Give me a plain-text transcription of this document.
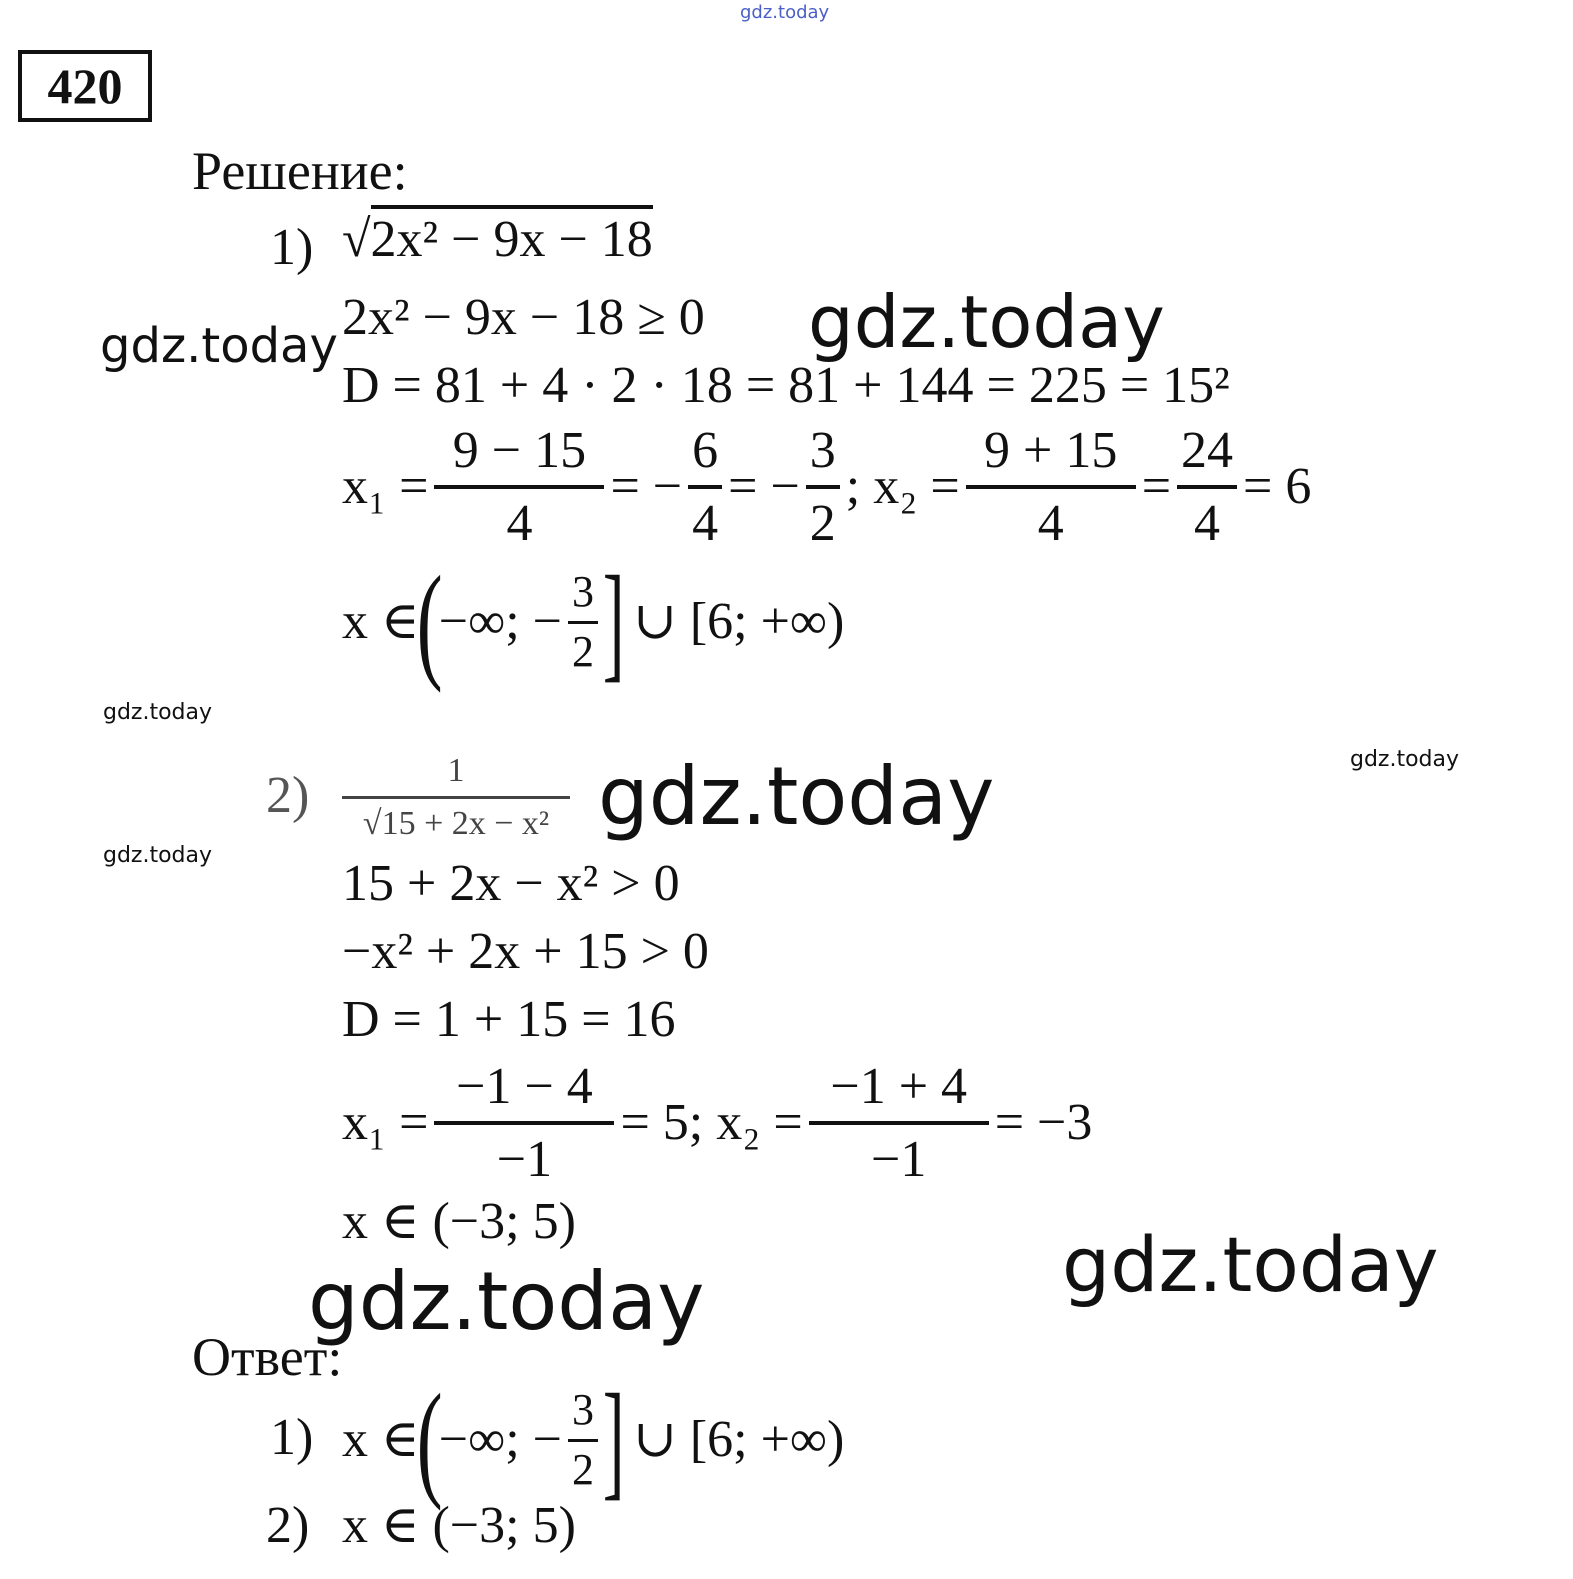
gdz.today
gdz.today	gdz.today
gdz.today
gdz.today
gdz.today
gdz.today
gdz.today
gdz.today
420
Решение:
1) √2x² − 9x − 18
2x² − 9x − 18 ≥ 0
D = 81 + 4 · 2 · 18 = 81 + 144 = 225 = 15²
$x_1 = \frac{9 - 15}{4}$ = − $\frac{6}{4}$ = − $\frac{3}{2}$ ; $x_2 = \frac{9 + 15}{4} = \frac{24}{4} = 6$
x ∈
(
−∞; − $\frac{3}{2}$ ] ∪ [6; +∞)
2)	1
√15 + 2x − x²
15 + 2x − x² > 0
−x² + 2x + 15 > 0
D = 1 + 15 = 16
$x_1 = \frac{-1 - 4}{-1} = 5$; $x_2 = \frac{-1 + 4}{-1} = -3$
x ∈ (−3; 5)
Ответ:
1) x ∈
(
−∞; − $\frac{3}{2}$ ] ∪ [6; +∞)
2) x ∈ (−3; 5)
